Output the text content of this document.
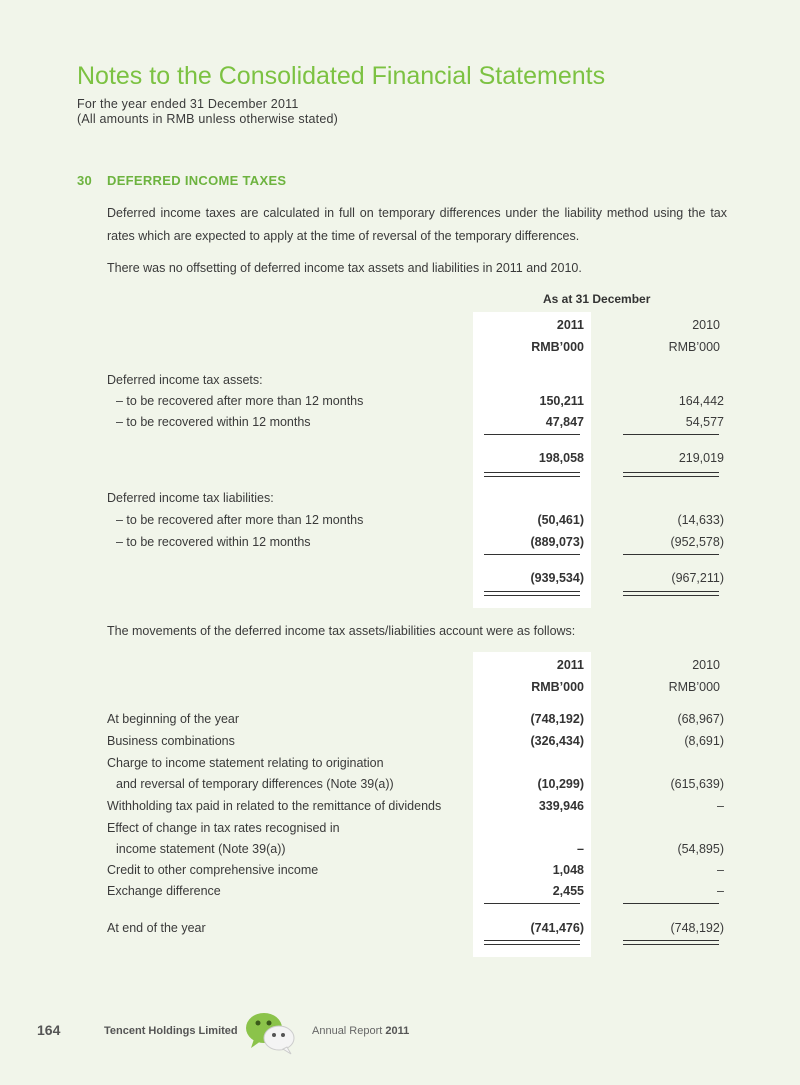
Notes to the Consolidated Financial Statements
For the year ended 31 December 2011
(All amounts in RMB unless otherwise stated)
30 DEFERRED INCOME TAXES

Deferred income taxes are calculated in full on temporary differences under the liability method using the tax rates which are expected to apply at the time of reversal of the temporary differences.

There was no offsetting of deferred income tax assets and liabilities in 2011 and 2010.

As at 31 December
2011	2010
RMB’000	RMB’000
Deferred income tax assets:
– to be recovered after more than 12 months	150,211	164,442
– to be recovered within 12 months	47,847	54,577
198,058	219,019
Deferred income tax liabilities:
– to be recovered after more than 12 months	(50,461)	(14,633)
– to be recovered within 12 months	(889,073)	(952,578)
(939,534)	(967,211)

The movements of the deferred income tax assets/liabilities account were as follows:

2011	2010
RMB’000	RMB’000
At beginning of the year	(748,192)	(68,967)
Business combinations	(326,434)	(8,691)
Charge to income statement relating to origination
and reversal of temporary differences (Note 39(a))	(10,299)	(615,639)
Withholding tax paid in related to the remittance of dividends	339,946	–
Effect of change in tax rates recognised in
income statement (Note 39(a))	–	(54,895)
Credit to other comprehensive income	1,048	–
Exchange difference	2,455	–
At end of the year	(741,476)	(748,192)
164	Tencent Holdings Limited	Annual Report 2011
